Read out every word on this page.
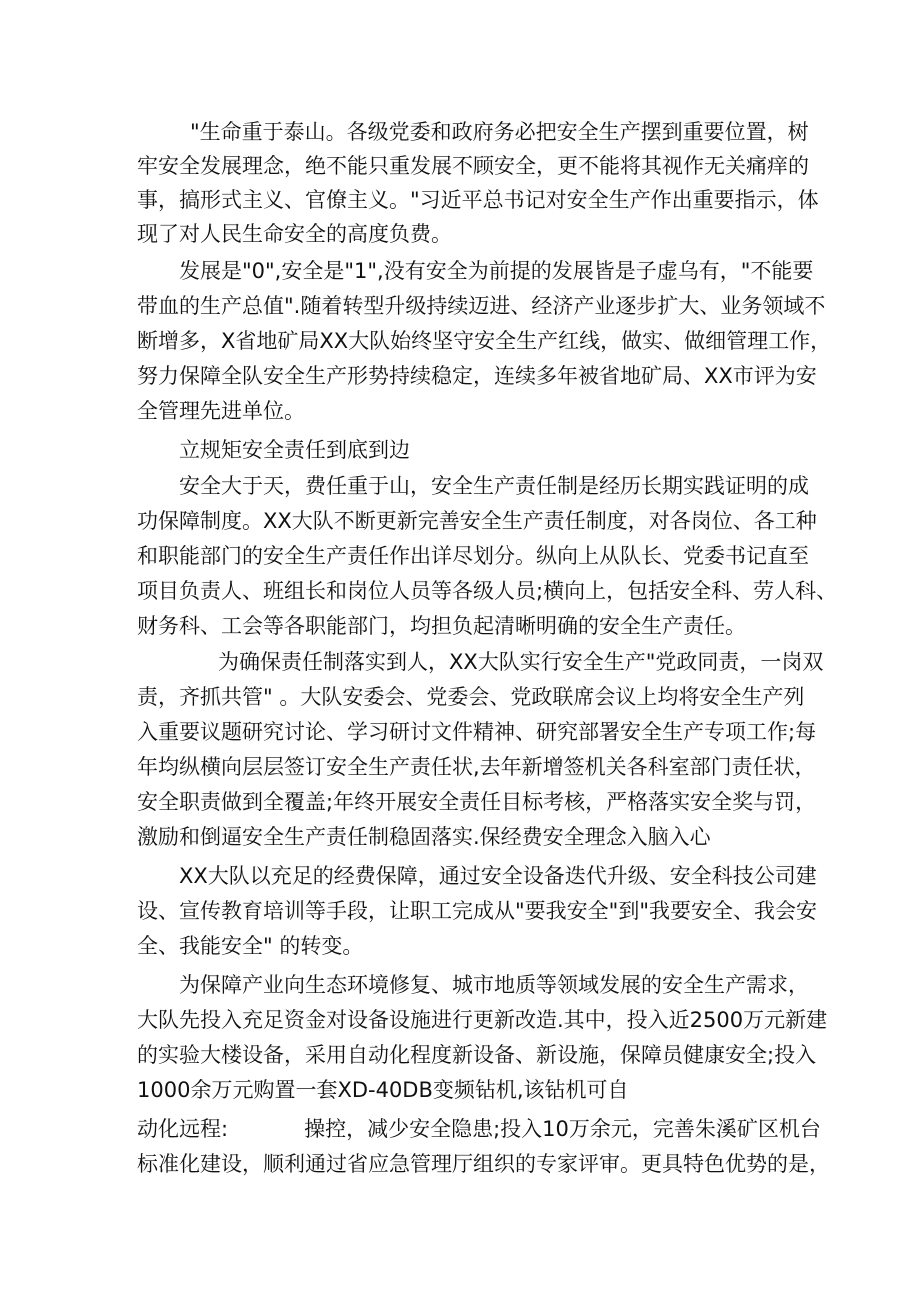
"生命重于泰山。各级党委和政府务必把安全生产摆到重要位置，树
牢安全发展理念，绝不能只重发展不顾安全，更不能将其视作无关痛痒的
事，搞形式主义、官僚主义。"习近平总书记对安全生产作出重要指示，体
现了对人民生命安全的高度负费。
发展是"0",安全是"1",没有安全为前提的发展皆是子虚乌有，"不能要
带血的生产总值".随着转型升级持续迈进、经济产业逐步扩大、业务领域不
断增多，X省地矿局XX大队始终坚守安全生产红线，做实、做细管理工作，
努力保障全队安全生产形势持续稳定，连续多年被省地矿局、XX市评为安
全管理先进单位。
立规矩安全责任到底到边
安全大于天，费任重于山，安全生产责任制是经历长期实践证明的成
功保障制度。XX大队不断更新完善安全生产责任制度，对各岗位、各工种
和职能部门的安全生产责任作出详尽划分。纵向上从队长、党委书记直至
项目负责人、班组长和岗位人员等各级人员;横向上，包括安全科、劳人科、
财务科、工会等各职能部门，均担负起清晰明确的安全生产责任。
为确保责任制落实到人，XX大队实行安全生产"党政同责，一岗双
责，齐抓共管" 。大队安委会、党委会、党政联席会议上均将安全生产列
入重要议题研究讨论、学习研讨文件精神、研究部署安全生产专项工作;每
年均纵横向层层签订安全生产责任状,去年新增签机关各科室部门责任状，
安全职责做到全覆盖;年终开展安全责任目标考核，严格落实安全奖与罚，
激励和倒逼安全生产责任制稳固落实.保经费安全理念入脑入心
XX大队以充足的经费保障，通过安全设备迭代升级、安全科技公司建
设、宣传教育培训等手段，让职工完成从"要我安全"到"我要安全、我会安
全、我能安全" 的转变。
为保障产业向生态环境修复、城市地质等领域发展的安全生产需求，
大队先投入充足资金对设备设施进行更新改造.其中，投入近2500万元新建
的实验大楼设备，采用自动化程度新设备、新设施，保障员健康安全;投入
1000余万元购置一套XD-40DB变频钻机,该钻机可自
动化远程:	操控，减少安全隐患;投入10万余元，完善朱溪矿区机台
标准化建设，顺利通过省应急管理厅组织的专家评审。更具特色优势的是，
